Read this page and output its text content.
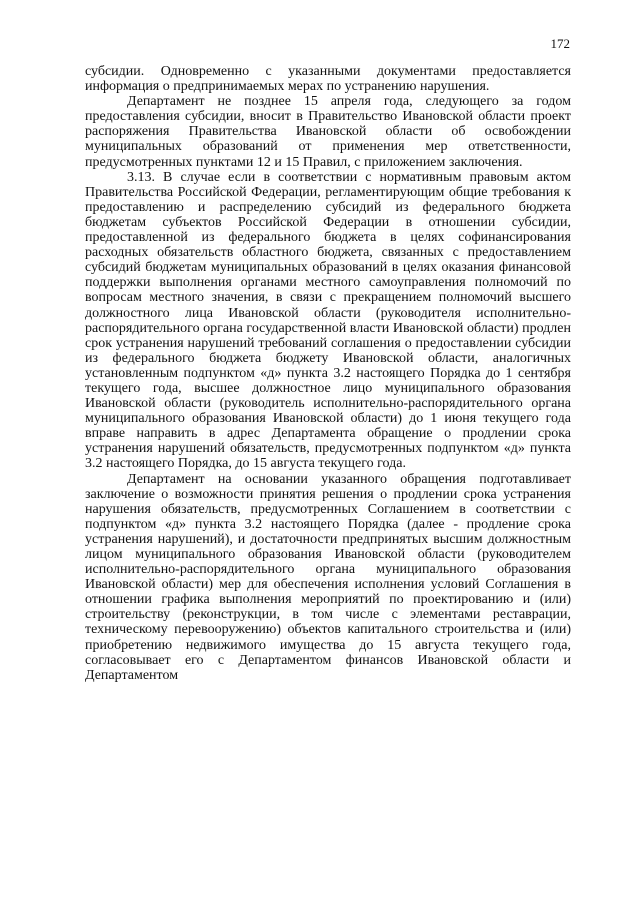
172

субсидии. Одновременно с указанными документами предоставляется информация о предпринимаемых мерах по устранению нарушения.

Департамент не позднее 15 апреля года, следующего за годом предоставления субсидии, вносит в Правительство Ивановской области проект распоряжения Правительства Ивановской области об освобождении муниципальных образований от применения мер ответственности, предусмотренных пунктами 12 и 15 Правил, с приложением заключения.

3.13. В случае если в соответствии с нормативным правовым актом Правительства Российской Федерации, регламентирующим общие требования к предоставлению и распределению субсидий из федерального бюджета бюджетам субъектов Российской Федерации в отношении субсидии, предоставленной из федерального бюджета в целях софинансирования расходных обязательств областного бюджета, связанных с предоставлением субсидий бюджетам муниципальных образований в целях оказания финансовой поддержки выполнения органами местного самоуправления полномочий по вопросам местного значения, в связи с прекращением полномочий высшего должностного лица Ивановской области (руководителя исполнительно-распорядительного органа государственной власти Ивановской области) продлен срок устранения нарушений требований соглашения о предоставлении субсидии из федерального бюджета бюджету Ивановской области, аналогичных установленным подпунктом «д» пункта 3.2 настоящего Порядка до 1 сентября текущего года, высшее должностное лицо муниципального образования Ивановской области (руководитель исполнительно-распорядительного органа муниципального образования Ивановской области) до 1 июня текущего года вправе направить в адрес Департамента обращение о продлении срока устранения нарушений обязательств, предусмотренных подпунктом «д» пункта 3.2 настоящего Порядка, до 15 августа текущего года.

Департамент на основании указанного обращения подготавливает заключение о возможности принятия решения о продлении срока устранения нарушения обязательств, предусмотренных Соглашением в соответствии с подпунктом «д» пункта 3.2 настоящего Порядка (далее - продление срока устранения нарушений), и достаточности предпринятых высшим должностным лицом муниципального образования Ивановской области (руководителем исполнительно-распорядительного органа муниципального образования Ивановской области) мер для обеспечения исполнения условий Соглашения в отношении графика выполнения мероприятий по проектированию и (или) строительству (реконструкции, в том числе с элементами реставрации, техническому перевооружению) объектов капитального строительства и (или) приобретению недвижимого имущества до 15 августа текущего года, согласовывает его с Департаментом финансов Ивановской области и Департаментом
